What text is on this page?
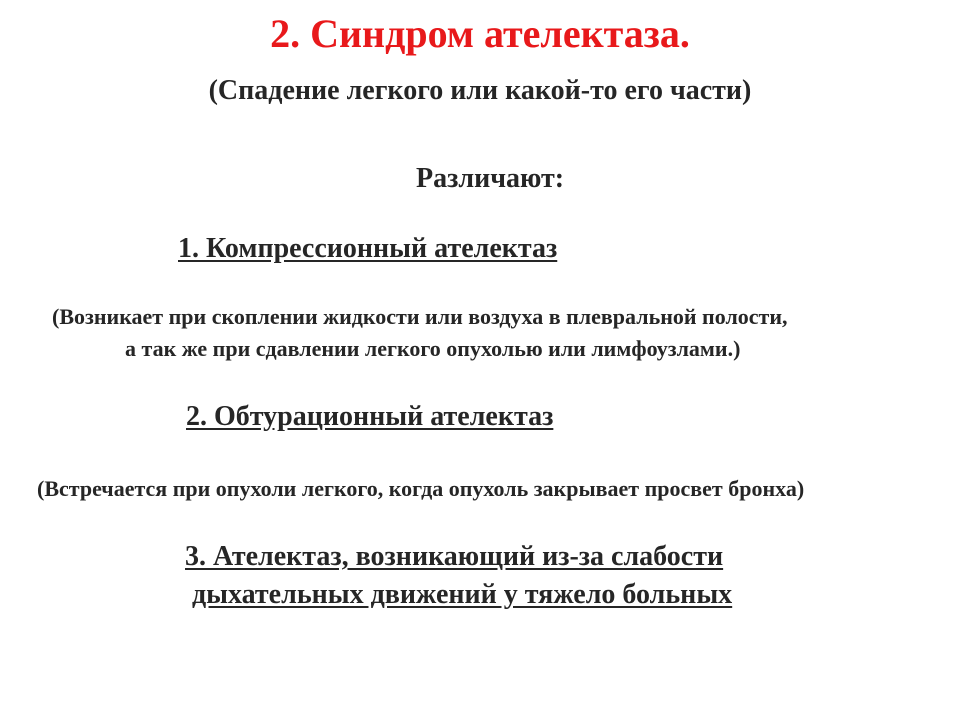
2. Синдром ателектаза.

(Спадение легкого или какой-то его части)

Различают:

1. Компрессионный ателектаз

(Возникает при скоплении жидкости или воздуха в плевральной полости,

а так же при сдавлении легкого опухолью или лимфоузлами.)

2. Обтурационный ателектаз

(Встречается при опухоли легкого, когда опухоль закрывает просвет бронха)

3. Ателектаз, возникающий из-за слабости

дыхательных движений у тяжело больных
